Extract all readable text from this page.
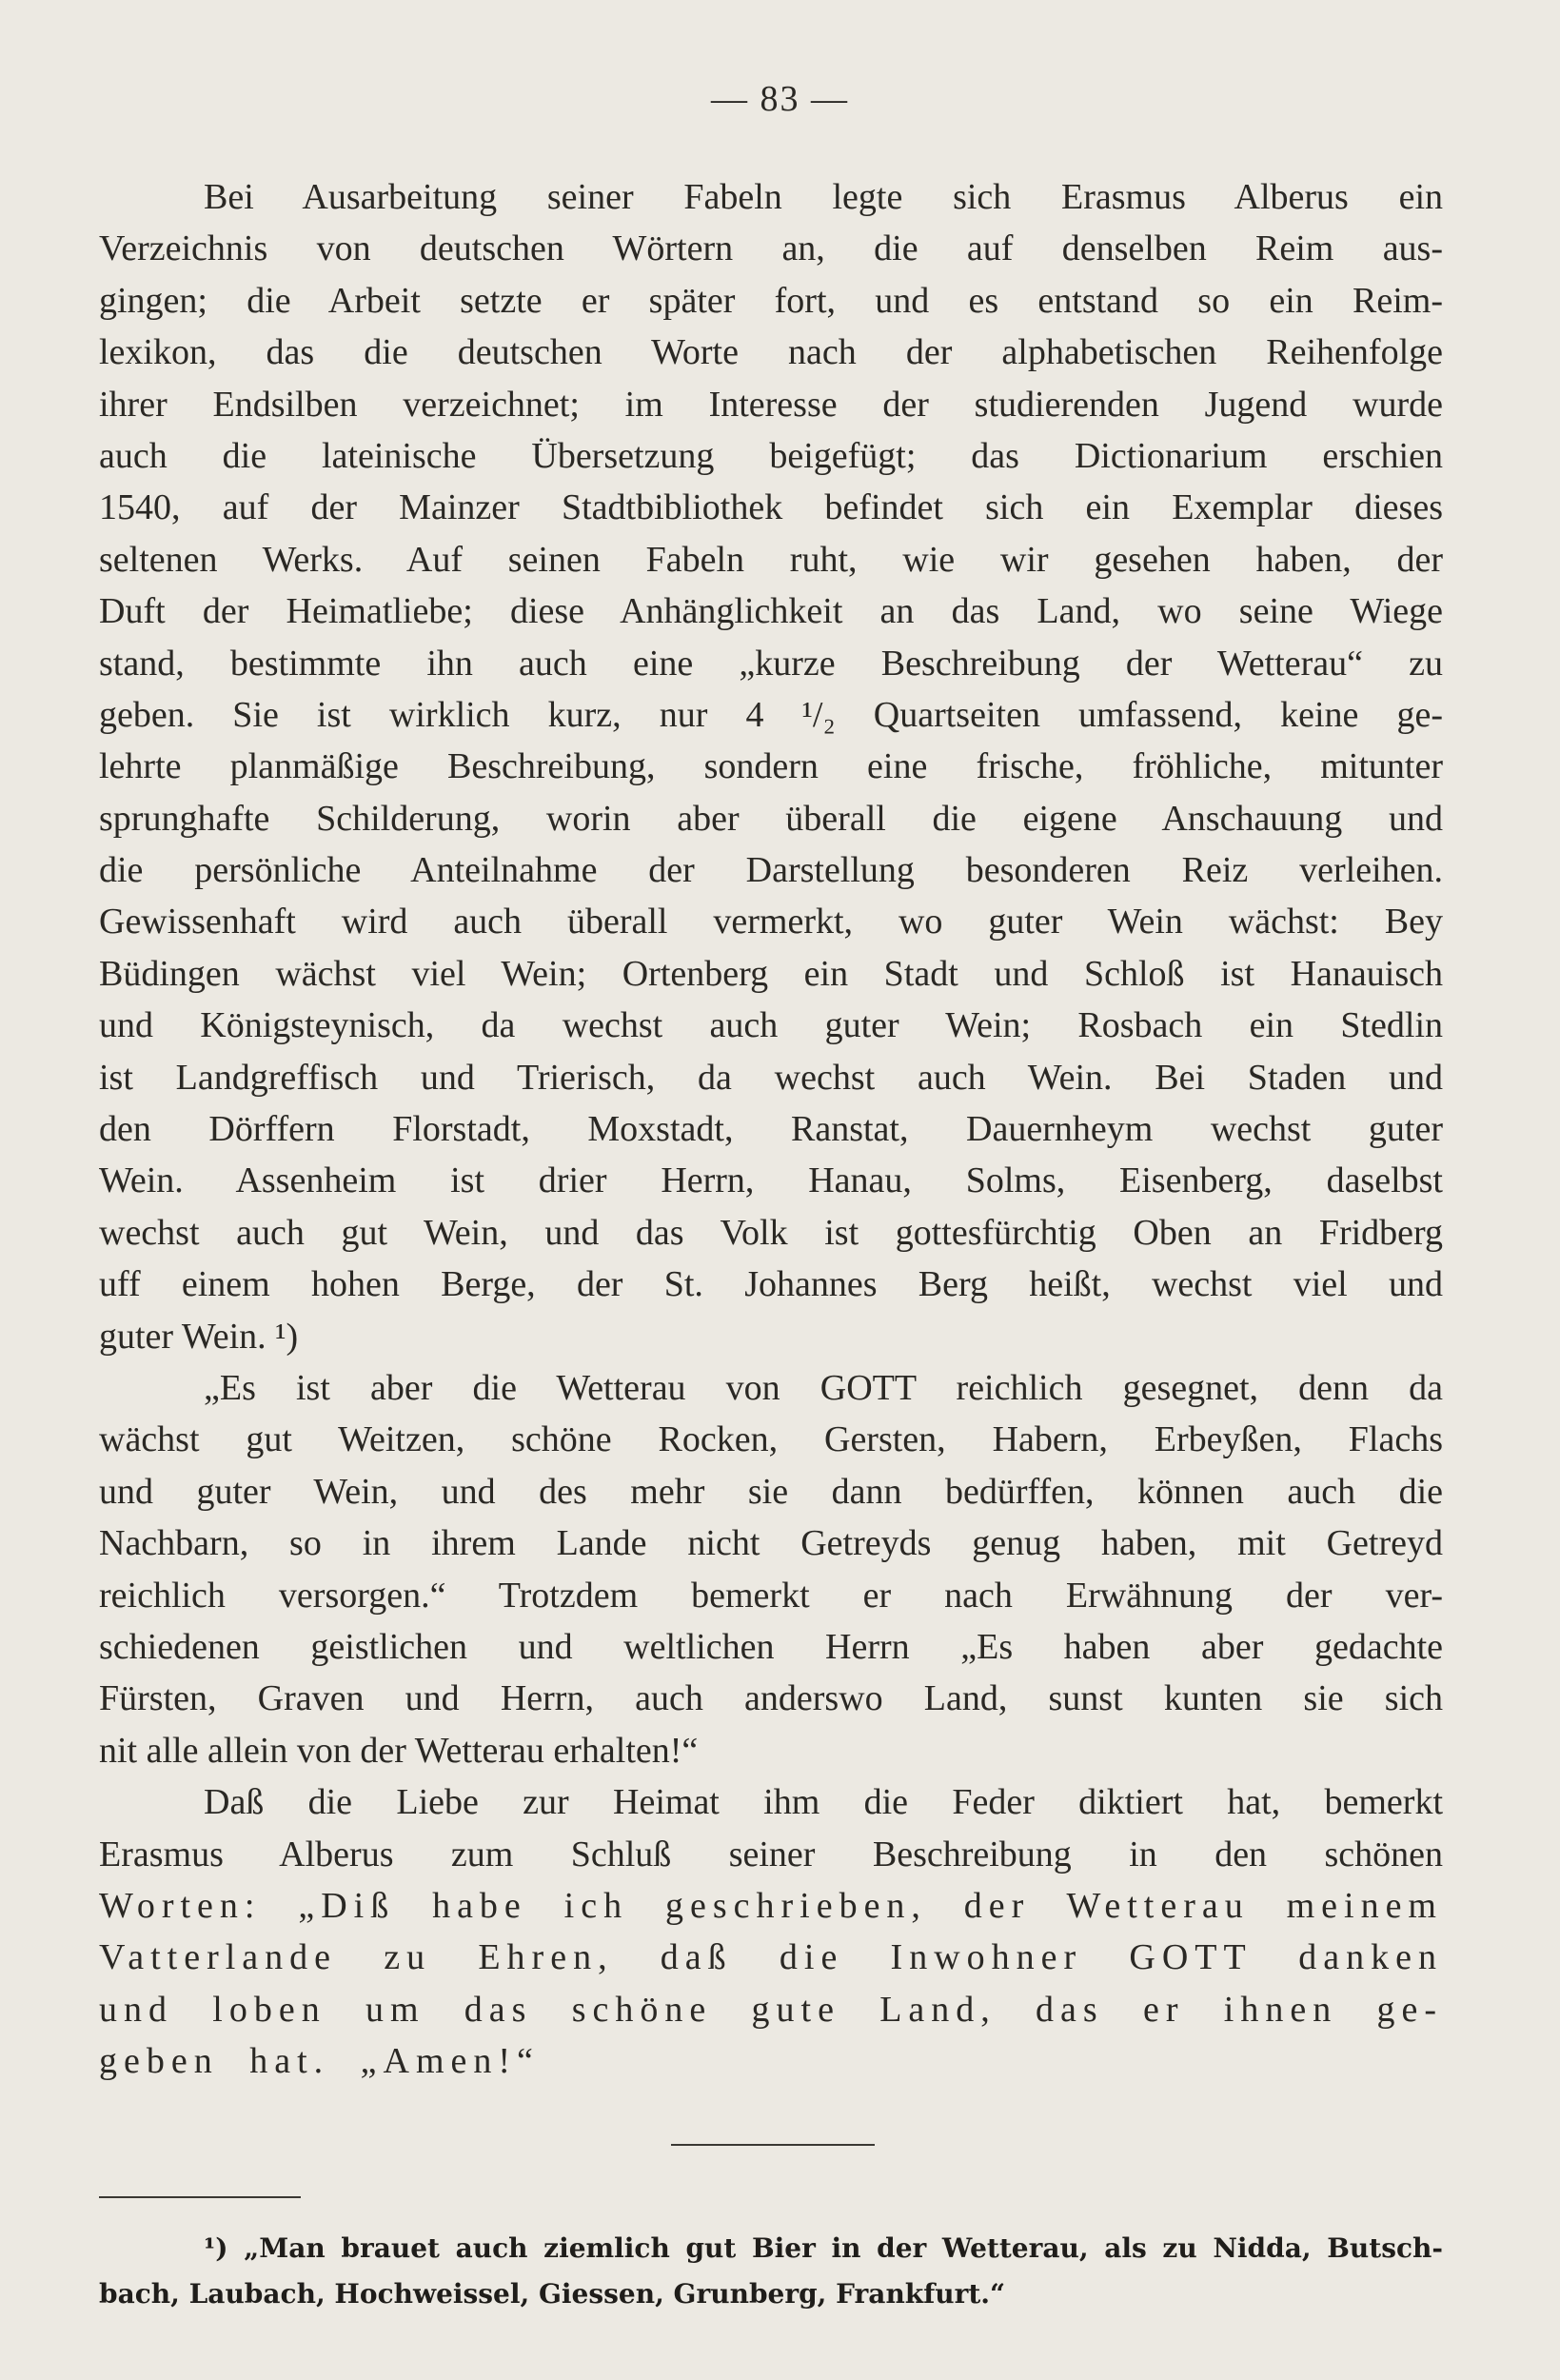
— 83 —
Bei Ausarbeitung seiner Fabeln legte sich Erasmus Alberus ein
Verzeichnis von deutschen Wörtern an, die auf denselben Reim aus-
gingen; die Arbeit setzte er später fort, und es entstand so ein Reim-
lexikon, das die deutschen Worte nach der alphabetischen Reihenfolge
ihrer Endsilben verzeichnet; im Interesse der studierenden Jugend wurde
auch die lateinische Übersetzung beigefügt; das Dictionarium erschien
1540, auf der Mainzer Stadtbibliothek befindet sich ein Exemplar dieses
seltenen Werks. Auf seinen Fabeln ruht, wie wir gesehen haben, der
Duft der Heimatliebe; diese Anhänglichkeit an das Land, wo seine Wiege
stand, bestimmte ihn auch eine „kurze Beschreibung der Wetterau“ zu
geben. Sie ist wirklich kurz, nur 4 ¹/₂ Quartseiten umfassend, keine ge-
lehrte planmäßige Beschreibung, sondern eine frische, fröhliche, mitunter
sprunghafte Schilderung, worin aber überall die eigene Anschauung und
die persönliche Anteilnahme der Darstellung besonderen Reiz verleihen.
Gewissenhaft wird auch überall vermerkt, wo guter Wein wächst: Bey
Büdingen wächst viel Wein; Ortenberg ein Stadt und Schloß ist Hanauisch
und Königsteynisch, da wechst auch guter Wein; Rosbach ein Stedlin
ist Landgreffisch und Trierisch, da wechst auch Wein. Bei Staden und
den Dörffern Florstadt, Moxstadt, Ranstat, Dauernheym wechst guter
Wein. Assenheim ist drier Herrn, Hanau, Solms, Eisenberg, daselbst
wechst auch gut Wein, und das Volk ist gottesfürchtig Oben an Fridberg
uff einem hohen Berge, der St. Johannes Berg heißt, wechst viel und
guter Wein. ¹)
„Es ist aber die Wetterau von GOTT reichlich gesegnet, denn da
wächst gut Weitzen, schöne Rocken, Gersten, Habern, Erbeyßen, Flachs
und guter Wein, und des mehr sie dann bedürffen, können auch die
Nachbarn, so in ihrem Lande nicht Getreyds genug haben, mit Getreyd
reichlich versorgen.“ Trotzdem bemerkt er nach Erwähnung der ver-
schiedenen geistlichen und weltlichen Herrn „Es haben aber gedachte
Fürsten, Graven und Herrn, auch anderswo Land, sunst kunten sie sich
nit alle allein von der Wetterau erhalten!“
Daß die Liebe zur Heimat ihm die Feder diktiert hat, bemerkt
Erasmus Alberus zum Schluß seiner Beschreibung in den schönen
Worten: „Diß habe ich geschrieben, der Wetterau meinem
Vatterlande zu Ehren, daß die Inwohner GOTT danken
und loben um das schöne gute Land, das er ihnen ge-
geben hat. „Amen!“
¹) „Man brauet auch ziemlich gut Bier in der Wetterau, als zu Nidda, Butsch-
bach, Laubach, Hochweissel, Giessen, Grunberg, Frankfurt.“
